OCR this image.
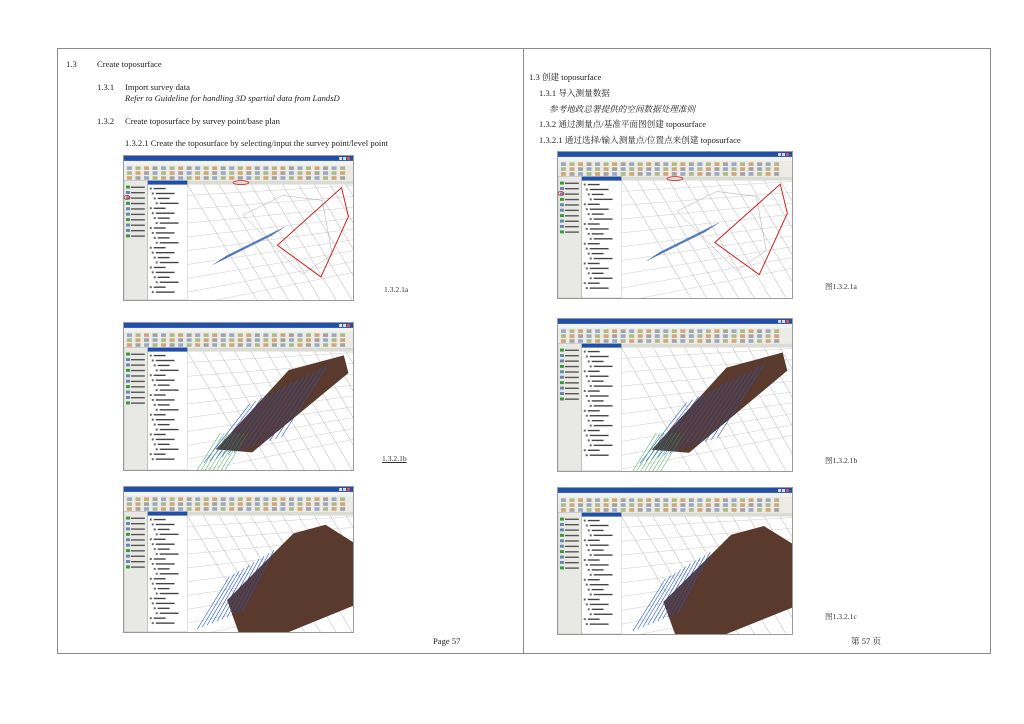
1.3 Create toposurface
1.3.1 Import survey data
Refer to Guideline for handling 3D spartial data from LandsD
1.3.2 Create toposurface by survey point/base plan
1.3.2.1 Create the toposurface by selecting/input the survey point/level point
1.3 创建 toposurface
1.3.1 导入测量数据
参考地政总署提供的空间数据处理准则
1.3.2 通过测量点/基准平面图创建 toposurface
1.3.2.1 通过选择/输入测量点/位置点来创建 toposurface
1.3.2.1a
1.3.2.1b
图1.3.2.1a
图1.3.2.1b
图1.3.2.1c
Page 57	第 57 页
